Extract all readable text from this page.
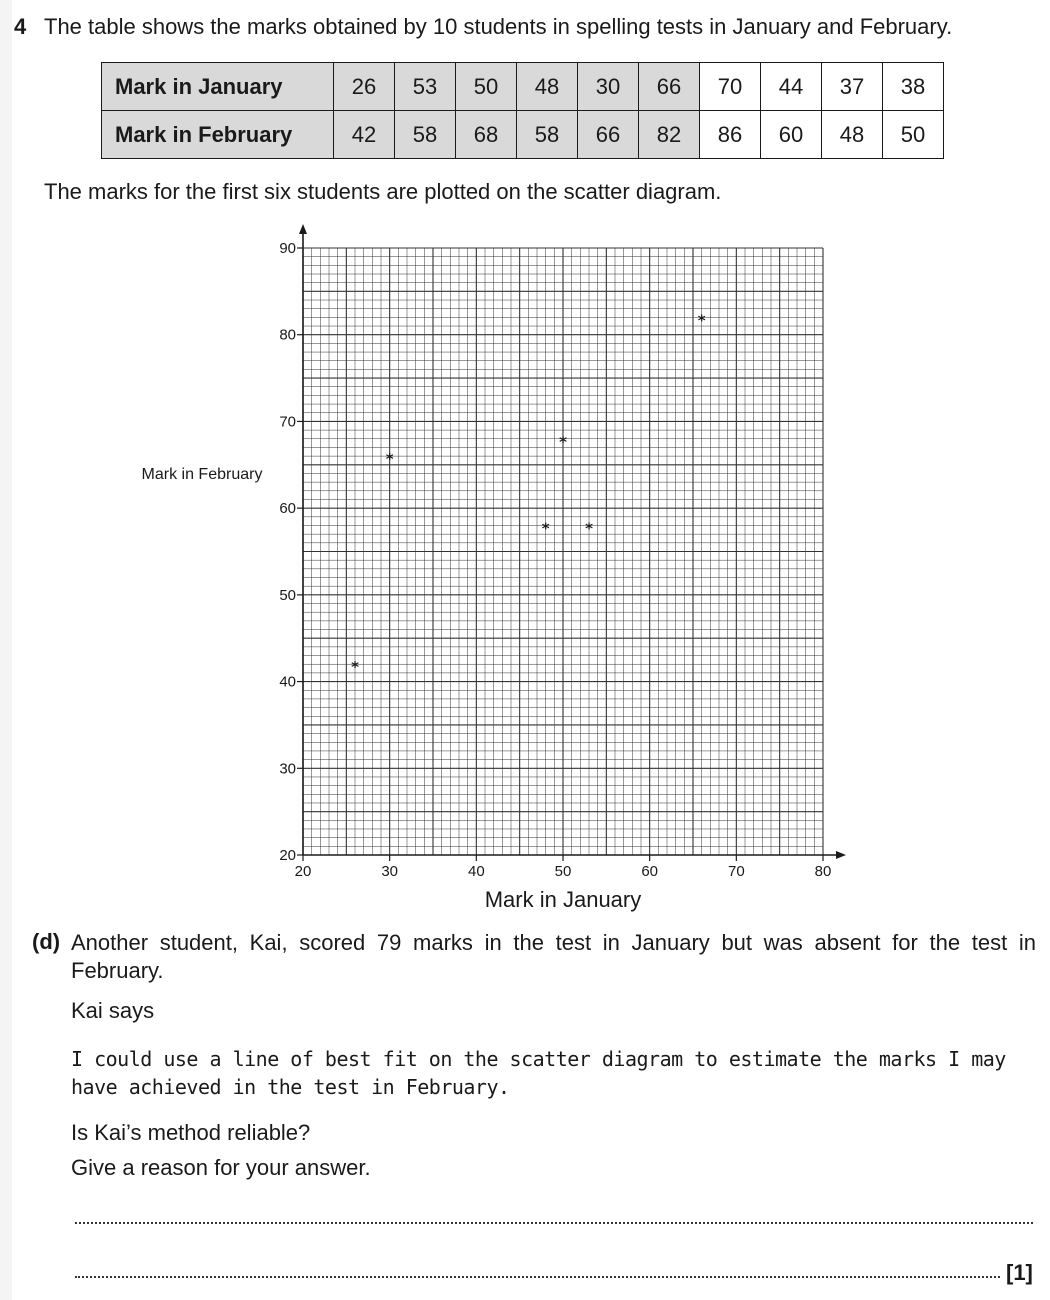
4 The table shows the marks obtained by 10 students in spelling tests in January and February.
Mark in January	26	53	50	48	30	66	70	44	37	38
Mark in February	42	58	68	58	66	82	86	60	48	50
The marks for the first six students are plotted on the scatter diagram.
20	30	40	50	60	70	80
20
30
40
50
60
70
80
90
*
*
*
*
*
*
Mark in February
Mark in January
(d) Another student, Kai, scored 79 marks in the test in January but was absent for the test in February.
Kai says
I could use a line of best fit on the scatter diagram to estimate the marks I may have achieved in the test in February.
Is Kai’s method reliable?
Give a reason for your answer.
[1]
